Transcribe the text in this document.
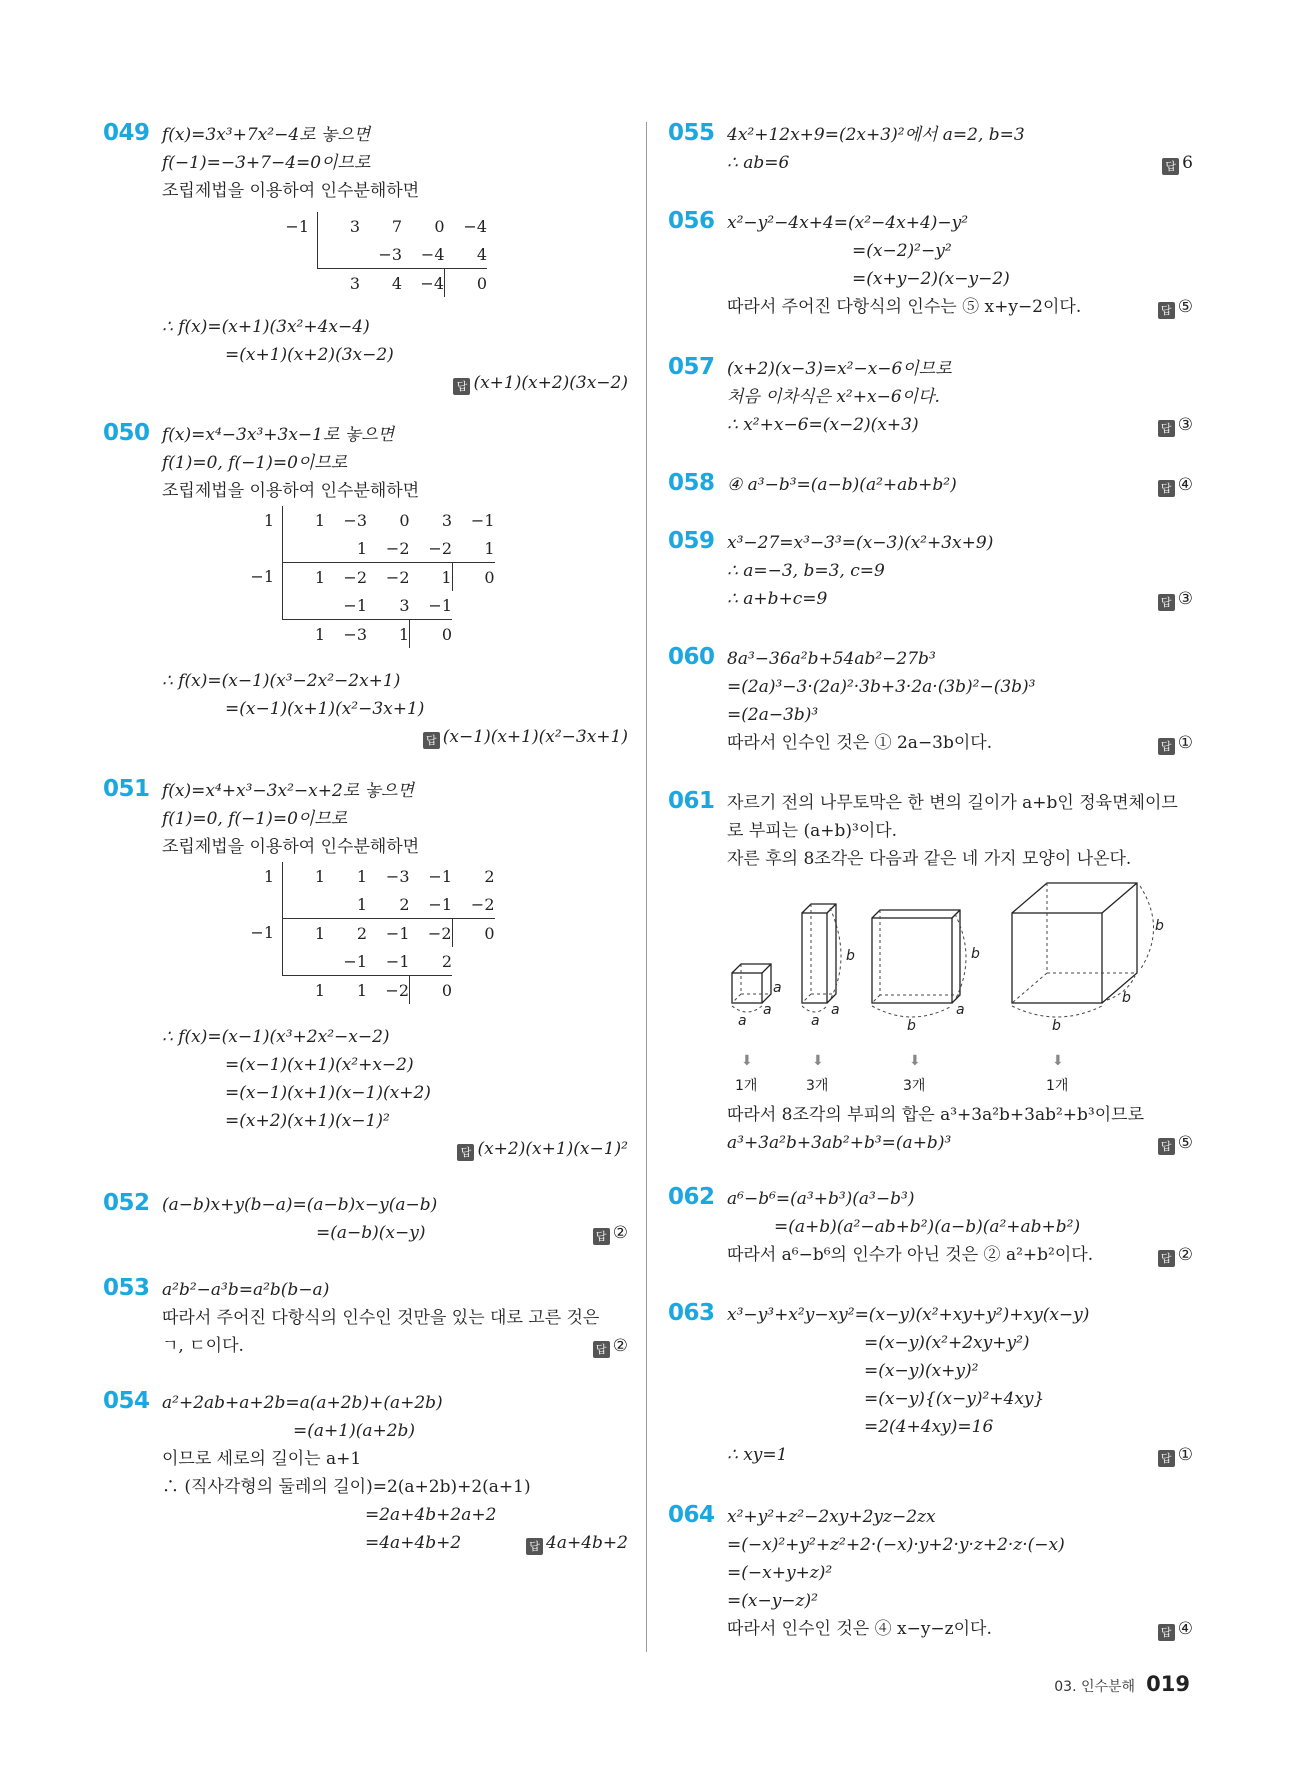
049 f(x)=3x³+7x²−4로 놓으면
f(−1)=−3+7−4=0이므로
조립제법을 이용하여 인수분해하면
−1	3	7	0	−4
		−3	−4	4
	3	4	−4	0
∴ f(x)=(x+1)(3x²+4x−4)
=(x+1)(x+2)(3x−2)
답 (x+1)(x+2)(3x−2)
050 f(x)=x⁴−3x³+3x−1로 놓으면
f(1)=0, f(−1)=0이므로
조립제법을 이용하여 인수분해하면
1	1	−3	0	3	−1
		1	−2	−2	1
−1	1	−2	−2	1	0
		−1	3	−1	
	1	−3	1	0	
∴ f(x)=(x−1)(x³−2x²−2x+1)
=(x−1)(x+1)(x²−3x+1)
답 (x−1)(x+1)(x²−3x+1)
051 f(x)=x⁴+x³−3x²−x+2로 놓으면
f(1)=0, f(−1)=0이므로
조립제법을 이용하여 인수분해하면
1	1	1	−3	−1	2
		1	2	−1	−2
−1	1	2	−1	−2	0
		−1	−1	2	
	1	1	−2	0	
∴ f(x)=(x−1)(x³+2x²−x−2)
=(x−1)(x+1)(x²+x−2)
=(x−1)(x+1)(x−1)(x+2)
=(x+2)(x+1)(x−1)²
답 (x+2)(x+1)(x−1)²
052 (a−b)x+y(b−a)=(a−b)x−y(a−b)
=(a−b)(x−y)	답 ②
053 a²b²−a³b=a²b(b−a)
따라서 주어진 다항식의 인수인 것만을 있는 대로 고른 것은
ㄱ, ㄷ이다.	답 ②
054 a²+2ab+a+2b=a(a+2b)+(a+2b)
=(a+1)(a+2b)
이므로 세로의 길이는 a+1
∴ (직사각형의 둘레의 길이)=2(a+2b)+2(a+1)
=2a+4b+2a+2
=4a+4b+2	답 4a+4b+2
055 4x²+12x+9=(2x+3)²에서 a=2, b=3
∴ ab=6	답 6
056 x²−y²−4x+4=(x²−4x+4)−y²
=(x−2)²−y²
=(x+y−2)(x−y−2)
따라서 주어진 다항식의 인수는 ⑤ x+y−2이다.	답 ⑤
057 (x+2)(x−3)=x²−x−6이므로
처음 이차식은 x²+x−6이다.
∴ x²+x−6=(x−2)(x+3)	답 ③
058 ④ a³−b³=(a−b)(a²+ab+b²)	답 ④
059 x³−27=x³−3³=(x−3)(x²+3x+9)
∴ a=−3, b=3, c=9
∴ a+b+c=9	답 ③
060 8a³−36a²b+54ab²−27b³
=(2a)³−3·(2a)²·3b+3·2a·(3b)²−(3b)³
=(2a−3b)³
따라서 인수인 것은 ① 2a−3b이다.	답 ①
061 자르기 전의 나무토막은 한 변의 길이가 a+b인 정육면체이므
로 부피는 (a+b)³이다.
자른 후의 8조각은 다음과 같은 네 가지 모양이 나온다.
a
a
a
a
a
b
b
a
b
b
b
b
⬇
1개
⬇
3개
⬇
3개
⬇
1개
따라서 8조각의 부피의 합은 a³+3a²b+3ab²+b³이므로
a³+3a²b+3ab²+b³=(a+b)³	답 ⑤
062 a⁶−b⁶=(a³+b³)(a³−b³)
=(a+b)(a²−ab+b²)(a−b)(a²+ab+b²)
따라서 a⁶−b⁶의 인수가 아닌 것은 ② a²+b²이다.	답 ②
063 x³−y³+x²y−xy²=(x−y)(x²+xy+y²)+xy(x−y)
=(x−y)(x²+2xy+y²)
=(x−y)(x+y)²
=(x−y){(x−y)²+4xy}
=2(4+4xy)=16
∴ xy=1	답 ①
064 x²+y²+z²−2xy+2yz−2zx
=(−x)²+y²+z²+2·(−x)·y+2·y·z+2·z·(−x)
=(−x+y+z)²
=(x−y−z)²
따라서 인수인 것은 ④ x−y−z이다.	답 ④
03. 인수분해 019
